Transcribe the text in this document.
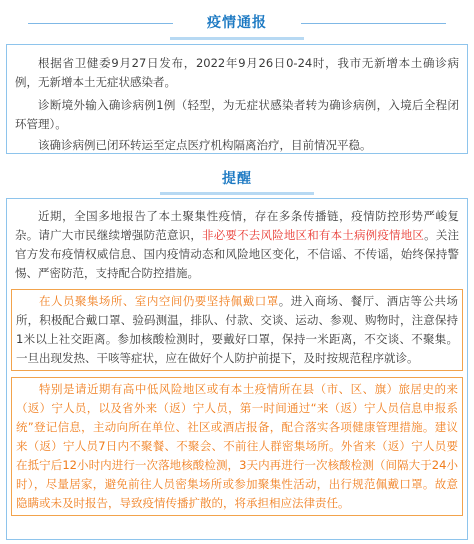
疫情通报

根据省卫健委9月27日发布，2022年9月26日0-24时，我市无新增本土确诊病例，无新增本土无症状感染者。

诊断境外输入确诊病例1例（轻型，为无症状感染者转为确诊病例，入境后全程闭环管理）。

该确诊病例已闭环转运至定点医疗机构隔离治疗，目前情况平稳。

提醒

近期，全国多地报告了本土聚集性疫情，存在多条传播链，疫情防控形势严峻复杂。请广大市民继续增强防范意识，非必要不去风险地区和有本土病例疫情地区。关注官方发布疫情权威信息、国内疫情动态和风险地区变化，不信谣、不传谣，始终保持警惕、严密防范，支持配合防控措施。

在人员聚集场所、室内空间仍要坚持佩戴口罩。进入商场、餐厅、酒店等公共场所，积极配合戴口罩、验码测温，排队、付款、交谈、运动、参观、购物时，注意保持 1米以上社交距离。参加核酸检测时，要戴好口罩，保持一米距离，不交谈、不聚集。一旦出现发热、干咳等症状，应在做好个人防护前提下，及时按规范程序就诊。

特别是请近期有高中低风险地区或有本土疫情所在县（市、区、旗）旅居史的来（返）宁人员，以及省外来（返）宁人员，第一时间通过“来（返）宁人员信息申报系统”登记信息，主动向所在单位、社区或酒店报备，配合落实各项健康管理措施。建议来（返）宁人员7日内不聚餐、不聚会、不前往人群密集场所。外省来（返）宁人员要在抵宁后12小时内进行一次落地核酸检测，3天内再进行一次核酸检测（间隔大于24小时），尽量居家，避免前往人员密集场所或参加聚集性活动，出行规范佩戴口罩。故意隐瞒或未及时报告，导致疫情传播扩散的，将承担相应法律责任。
